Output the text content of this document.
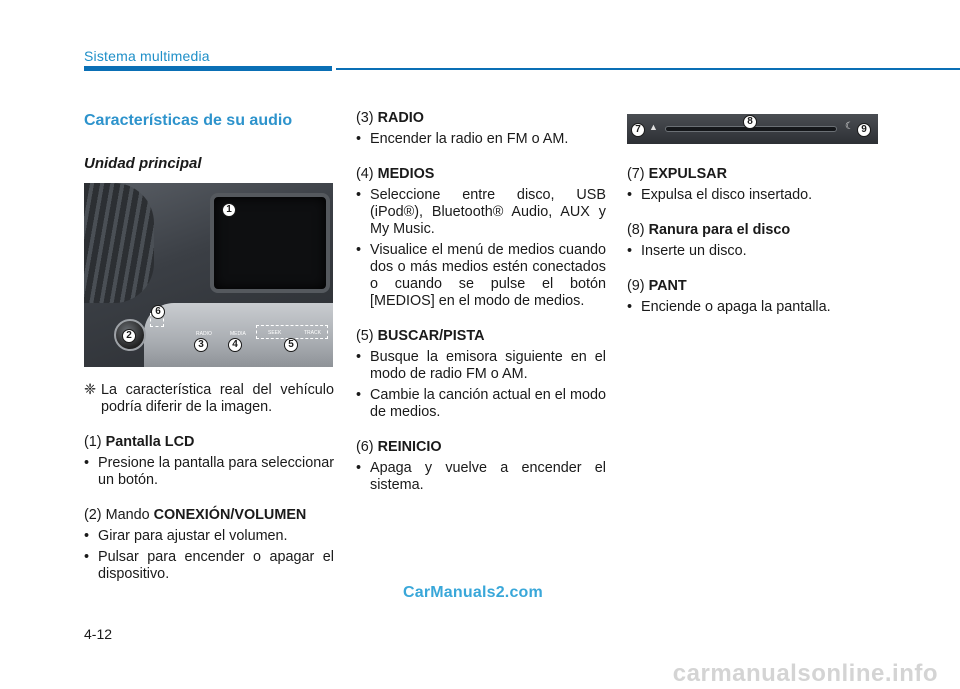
Sistema multimedia
Características de su audio
Unidad principal
RADIO	MEDIA	SEEK	TRACK
1
2
3	4	5
6
❈ La característica real del vehículo podría diferir de la imagen.
(1) Pantalla LCD
• Presione la pantalla para seleccionar un botón.
(2) Mando CONEXIÓN/VOLUMEN
• Girar para ajustar el volumen.
• Pulsar para encender o apagar el dispositivo.
(3) RADIO
• Encender la radio en FM o AM.
(4) MEDIOS
• Seleccione entre disco, USB (iPod®), Bluetooth® Audio, AUX y My Music.
• Visualice el menú de medios cuando dos o más medios estén conectados o cuando se pulse el botón [MEDIOS] en el modo de medios.
(5) BUSCAR/PISTA
• Busque la emisora siguiente en el modo de radio FM o AM.
• Cambie la canción actual en el modo de medios.
(6) REINICIO
• Apaga y vuelve a encender el sistema.
▲	☾
7
8
9
(7) EXPULSAR
• Expulsa el disco insertado.
(8) Ranura para el disco
• Inserte un disco.
(9) PANT
• Enciende o apaga la pantalla.
CarManuals2.com
4-12
carmanualsonline.info
